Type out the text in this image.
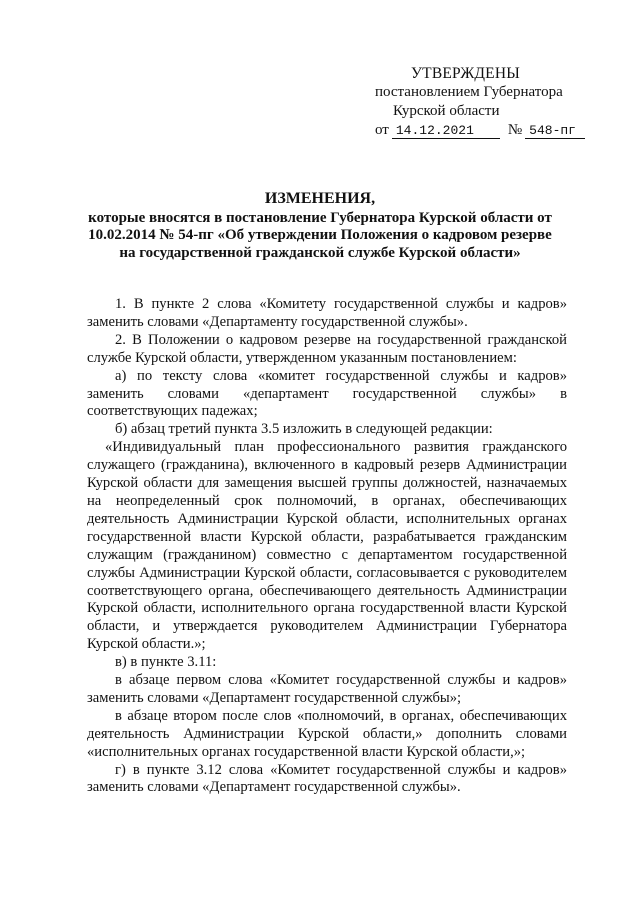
УТВЕРЖДЕНЫ
постановлением Губернатора
Курской области
от 14.12.2021	№ 548-пг
ИЗМЕНЕНИЯ,
которые вносятся в постановление Губернатора Курской области от
10.02.2014 № 54-пг «Об утверждении Положения о кадровом резерве
на государственной гражданской службе Курской области»

1. В пункте 2 слова «Комитету государственной службы и кадров» заменить словами «Департаменту государственной службы».

2. В Положении о кадровом резерве на государственной гражданской службе Курской области, утвержденном указанным постановлением:

а) по тексту слова «комитет государственной службы и кадров» заменить словами «департамент государственной службы» в соответствующих падежах;

б) абзац третий пункта 3.5 изложить в следующей редакции:

«Индивидуальный план профессионального развития гражданского служащего (гражданина), включенного в кадровый резерв Администрации Курской области для замещения высшей группы должностей, назначаемых на неопределенный срок полномочий, в органах, обеспечивающих деятельность Администрации Курской области, исполнительных органах государственной власти Курской области, разрабатывается гражданским служащим (гражданином) совместно с департаментом государственной службы Администрации Курской области, согласовывается с руководителем соответствующего органа, обеспечивающего деятельность Администрации Курской области, исполнительного органа государственной власти Курской области, и утверждается руководителем Администрации Губернатора Курской области.»;

в) в пункте 3.11:

в абзаце первом слова «Комитет государственной службы и кадров» заменить словами «Департамент государственной службы»;

в абзаце втором после слов «полномочий, в органах, обеспечивающих деятельность Администрации Курской области,» дополнить словами «исполнительных органах государственной власти Курской области,»;

г) в пункте 3.12 слова «Комитет государственной службы и кадров» заменить словами «Департамент государственной службы».
